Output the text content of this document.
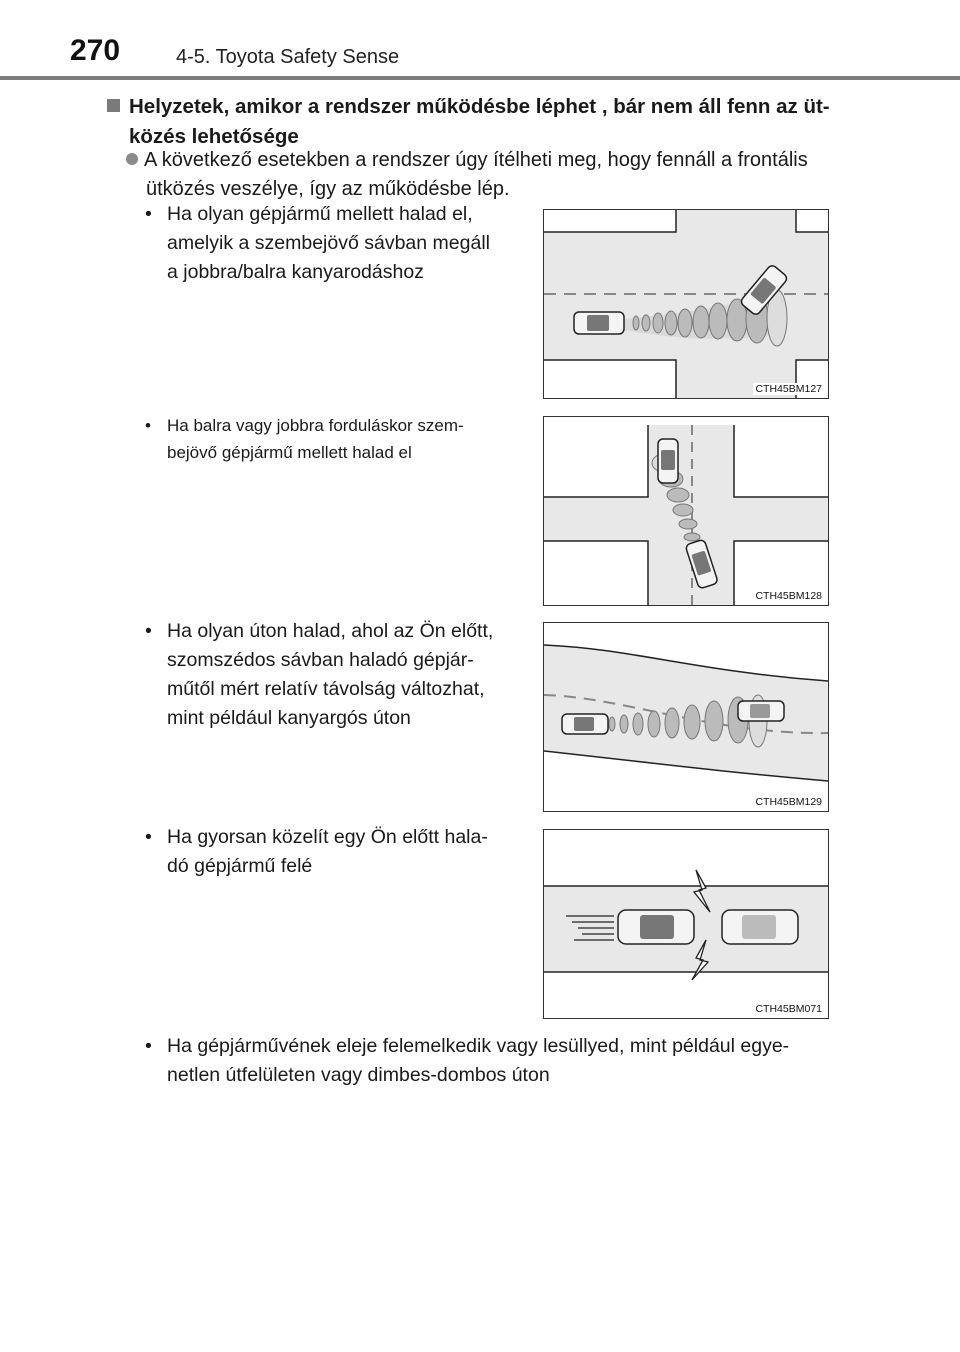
270	4-5. Toyota Safety Sense
Helyzetek, amikor a rendszer működésbe léphet , bár nem áll fenn az üt-
közés lehetősége
A következő esetekben a rendszer úgy ítélheti meg, hogy fennáll a frontális
ütközés veszélye, így az működésbe lép.
• Ha olyan gépjármű mellett halad el,
amelyik a szembejövő sávban megáll
a jobbra/balra kanyarodáshoz
CTH45BM127
• Ha balra vagy jobbra forduláskor szem-
bejövő gépjármű mellett halad el
CTH45BM128
• Ha olyan úton halad, ahol az Ön előtt,
szomszédos sávban haladó gépjár-
műtől mért relatív távolság változhat,
mint például kanyargós úton
CTH45BM129
• Ha gyorsan közelít egy Ön előtt hala-
dó gépjármű felé
CTH45BM071
• Ha gépjárművének eleje felemelkedik vagy lesüllyed, mint például egye-
netlen útfelületen vagy dimbes-dombos úton
